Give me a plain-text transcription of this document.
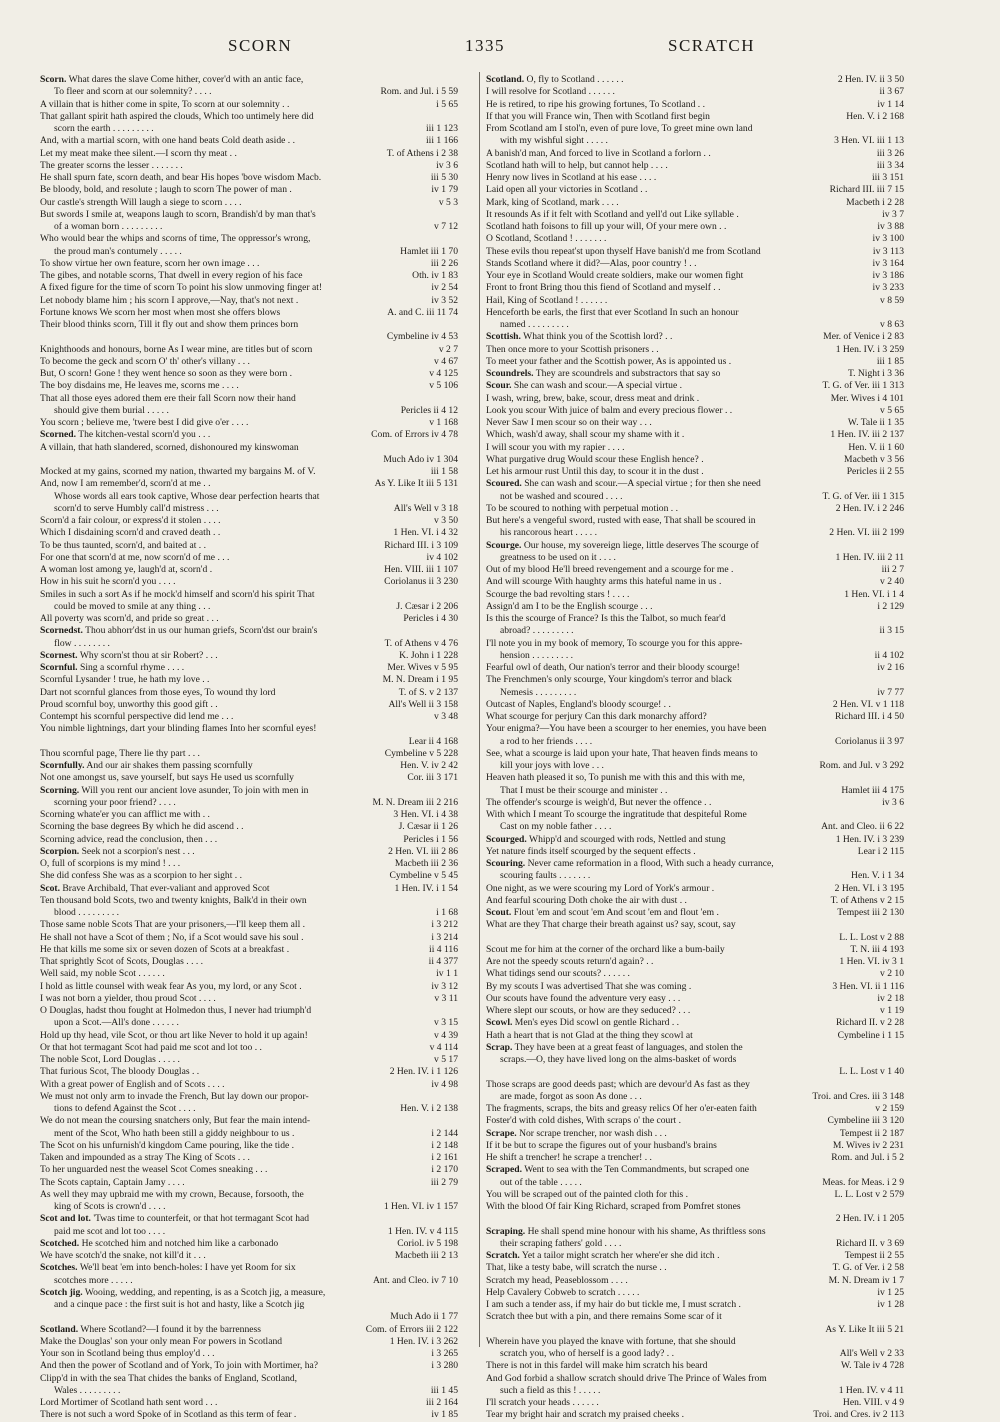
SCORN	1335	SCRATCH
Scorn. What dares the slave Come hither, cover'd with an antic face,
To fleer and scorn at our solemnity? . . . .	Rom. and Jul. i 5 59
A villain that is hither come in spite, To scorn at our solemnity . .	i 5 65
That gallant spirit hath aspired the clouds, Which too untimely here did
scorn the earth . . . . . . . . .	iii 1 123
And, with a martial scorn, with one hand beats Cold death aside . .	iii 1 166
Let my meat make thee silent.—I scorn thy meat . .	T. of Athens i 2 38
The greater scorns the lesser . . . . . . .	iv 3 6
He shall spurn fate, scorn death, and bear His hopes 'bove wisdom Macb.	iii 5 30
Be bloody, bold, and resolute ; laugh to scorn The power of man .	iv 1 79
Our castle's strength Will laugh a siege to scorn . . . .	v 5 3
But swords I smile at, weapons laugh to scorn, Brandish'd by man that's
of a woman born . . . . . . . . .	v 7 12
Who would bear the whips and scorns of time, The oppressor's wrong,
the proud man's contumely . . . . .	Hamlet iii 1 70
To show virtue her own feature, scorn her own image . . .	iii 2 26
The gibes, and notable scorns, That dwell in every region of his face	Oth. iv 1 83
A fixed figure for the time of scorn To point his slow unmoving finger at!	iv 2 54
Let nobody blame him ; his scorn I approve,—Nay, that's not next .	iv 3 52
Fortune knows We scorn her most when most she offers blows	A. and C. iii 11 74
Their blood thinks scorn, Till it fly out and show them princes born
Cymbeline iv 4 53
Knighthoods and honours, borne As I wear mine, are titles but of scorn	v 2 7
To become the geck and scorn O' th' other's villany . . .	v 4 67
But, O scorn! Gone ! they went hence so soon as they were born .	v 4 125
The boy disdains me, He leaves me, scorns me . . . .	v 5 106
That all those eyes adored them ere their fall Scorn now their hand
should give them burial . . . . .	Pericles ii 4 12
You scorn ; believe me, 'twere best I did give o'er . . . .	v 1 168
Scorned. The kitchen-vestal scorn'd you . . .	Com. of Errors iv 4 78
A villain, that hath slandered, scorned, dishonoured my kinswoman
Much Ado iv 1 304
Mocked at my gains, scorned my nation, thwarted my bargains M. of V.	iii 1 58
And, now I am remember'd, scorn'd at me . .	As Y. Like It iii 5 131
Whose words all ears took captive, Whose dear perfection hearts that
scorn'd to serve Humbly call'd mistress . . .	All's Well v 3 18
Scorn'd a fair colour, or express'd it stolen . . . .	v 3 50
Which I disdaining scorn'd and craved death . .	1 Hen. VI. i 4 32
To be thus taunted, scorn'd, and baited at . .	Richard III. i 3 109
For one that scorn'd at me, now scorn'd of me . . .	iv 4 102
A woman lost among ye, laugh'd at, scorn'd .	Hen. VIII. iii 1 107
How in his suit he scorn'd you . . . .	Coriolanus ii 3 230
Smiles in such a sort As if he mock'd himself and scorn'd his spirit That
could be moved to smile at any thing . . .	J. Cæsar i 2 206
All poverty was scorn'd, and pride so great . . .	Pericles i 4 30
Scornedst. Thou abhorr'dst in us our human griefs, Scorn'dst our brain's
flow . . . . . . . .	T. of Athens v 4 76
Scornest. Why scorn'st thou at sir Robert? . . .	K. John i 1 228
Scornful. Sing a scornful rhyme . . . .	Mer. Wives v 5 95
Scornful Lysander ! true, he hath my love . .	M. N. Dream i 1 95
Dart not scornful glances from those eyes, To wound thy lord	T. of S. v 2 137
Proud scornful boy, unworthy this good gift . .	All's Well ii 3 158
Contempt his scornful perspective did lend me . . .	v 3 48
You nimble lightnings, dart your blinding flames Into her scornful eyes!
Lear ii 4 168
Thou scornful page, There lie thy part . . .	Cymbeline v 5 228
Scornfully. And our air shakes them passing scornfully	Hen. V. iv 2 42
Not one amongst us, save yourself, but says He used us scornfully	Cor. iii 3 171
Scorning. Will you rent our ancient love asunder, To join with men in
scorning your poor friend? . . . .	M. N. Dream iii 2 216
Scorning whate'er you can afflict me with . .	3 Hen. VI. i 4 38
Scorning the base degrees By which he did ascend . .	J. Cæsar ii 1 26
Scorning advice, read the conclusion, then . . .	Pericles i 1 56
Scorpion. Seek not a scorpion's nest . . .	2 Hen. VI. iii 2 86
O, full of scorpions is my mind ! . . .	Macbeth iii 2 36
She did confess She was as a scorpion to her sight . .	Cymbeline v 5 45
Scot. Brave Archibald, That ever-valiant and approved Scot	1 Hen. IV. i 1 54
Ten thousand bold Scots, two and twenty knights, Balk'd in their own
blood . . . . . . . . .	i 1 68
Those same noble Scots That are your prisoners,—I'll keep them all .	i 3 212
He shall not have a Scot of them ; No, if a Scot would save his soul .	i 3 214
He that kills me some six or seven dozen of Scots at a breakfast .	ii 4 116
That sprightly Scot of Scots, Douglas . . . .	ii 4 377
Well said, my noble Scot . . . . . .	iv 1 1
I hold as little counsel with weak fear As you, my lord, or any Scot .	iv 3 12
I was not born a yielder, thou proud Scot . . . .	v 3 11
O Douglas, hadst thou fought at Holmedon thus, I never had triumph'd
upon a Scot.—All's done . . . . . .	v 3 15
Hold up thy head, vile Scot, or thou art like Never to hold it up again!	v 4 39
Or that hot termagant Scot had paid me scot and lot too . .	v 4 114
The noble Scot, Lord Douglas . . . . .	v 5 17
That furious Scot, The bloody Douglas . .	2 Hen. IV. i 1 126
With a great power of English and of Scots . . . .	iv 4 98
We must not only arm to invade the French, But lay down our propor-
tions to defend Against the Scot . . . .	Hen. V. i 2 138
We do not mean the coursing snatchers only, But fear the main intend-
ment of the Scot, Who hath been still a giddy neighbour to us .	i 2 144
The Scot on his unfurnish'd kingdom Came pouring, like the tide .	i 2 148
Taken and impounded as a stray The King of Scots . . .	i 2 161
To her unguarded nest the weasel Scot Comes sneaking . . .	i 2 170
The Scots captain, Captain Jamy . . . .	iii 2 79
As well they may upbraid me with my crown, Because, forsooth, the
king of Scots is crown'd . . . .	1 Hen. VI. iv 1 157
Scot and lot. 'Twas time to counterfeit, or that hot termagant Scot had
paid me scot and lot too . . . .	1 Hen. IV. v 4 115
Scotched. He scotched him and notched him like a carbonado	Coriol. iv 5 198
We have scotch'd the snake, not kill'd it . . .	Macbeth iii 2 13
Scotches. We'll beat 'em into bench-holes: I have yet Room for six
scotches more . . . . .	Ant. and Cleo. iv 7 10
Scotch jig. Wooing, wedding, and repenting, is as a Scotch jig, a measure,
and a cinque pace : the first suit is hot and hasty, like a Scotch jig
Much Ado ii 1 77
Scotland. Where Scotland?—I found it by the barrenness	Com. of Errors iii 2 122
Make the Douglas' son your only mean For powers in Scotland	1 Hen. IV. i 3 262
Your son in Scotland being thus employ'd . . .	i 3 265
And then the power of Scotland and of York, To join with Mortimer, ha?	i 3 280
Clipp'd in with the sea That chides the banks of England, Scotland,
Wales . . . . . . . . .	iii 1 45
Lord Mortimer of Scotland hath sent word . . .	iii 2 164
There is not such a word Spoke of in Scotland as this term of fear .	iv 1 85
Scotland. O, fly to Scotland . . . . . .	2 Hen. IV. ii 3 50
I will resolve for Scotland . . . . . .	ii 3 67
He is retired, to ripe his growing fortunes, To Scotland . .	iv 1 14
If that you will France win, Then with Scotland first begin	Hen. V. i 2 168
From Scotland am I stol'n, even of pure love, To greet mine own land
with my wishful sight . . . . .	3 Hen. VI. iii 1 13
A banish'd man, And forced to live in Scotland a forlorn . .	iii 3 26
Scotland hath will to help, but cannot help . . . .	iii 3 34
Henry now lives in Scotland at his ease . . . .	iii 3 151
Laid open all your victories in Scotland . .	Richard III. iii 7 15
Mark, king of Scotland, mark . . . .	Macbeth i 2 28
It resounds As if it felt with Scotland and yell'd out Like syllable .	iv 3 7
Scotland hath foisons to fill up your will, Of your mere own . .	iv 3 88
O Scotland, Scotland ! . . . . . . .	iv 3 100
These evils thou repeat'st upon thyself Have banish'd me from Scotland	iv 3 113
Stands Scotland where it did?—Alas, poor country ! . .	iv 3 164
Your eye in Scotland Would create soldiers, make our women fight	iv 3 186
Front to front Bring thou this fiend of Scotland and myself . .	iv 3 233
Hail, King of Scotland ! . . . . . .	v 8 59
Henceforth be earls, the first that ever Scotland In such an honour
named . . . . . . . . .	v 8 63
Scottish. What think you of the Scottish lord? . .	Mer. of Venice i 2 83
Then once more to your Scottish prisoners . .	1 Hen. IV. i 3 259
To meet your father and the Scottish power, As is appointed us .	iii 1 85
Scoundrels. They are scoundrels and substractors that say so	T. Night i 3 36
Scour. She can wash and scour.—A special virtue .	T. G. of Ver. iii 1 313
I wash, wring, brew, bake, scour, dress meat and drink .	Mer. Wives i 4 101
Look you scour With juice of balm and every precious flower . .	v 5 65
Never Saw I men scour so on their way . . .	W. Tale ii 1 35
Which, wash'd away, shall scour my shame with it .	1 Hen. IV. iii 2 137
I will scour you with my rapier . . . .	Hen. V. ii 1 60
What purgative drug Would scour these English hence? .	Macbeth v 3 56
Let his armour rust Until this day, to scour it in the dust .	Pericles ii 2 55
Scoured. She can wash and scour.—A special virtue ; for then she need
not be washed and scoured . . . .	T. G. of Ver. iii 1 315
To be scoured to nothing with perpetual motion . .	2 Hen. IV. i 2 246
But here's a vengeful sword, rusted with ease, That shall be scoured in
his rancorous heart . . . . .	2 Hen. VI. iii 2 199
Scourge. Our house, my sovereign liege, little deserves The scourge of
greatness to be used on it . . . .	1 Hen. IV. iii 2 11
Out of my blood He'll breed revengement and a scourge for me .	iii 2 7
And will scourge With haughty arms this hateful name in us .	v 2 40
Scourge the bad revolting stars ! . . . .	1 Hen. VI. i 1 4
Assign'd am I to be the English scourge . . .	i 2 129
Is this the scourge of France? Is this the Talbot, so much fear'd
abroad? . . . . . . . . .	ii 3 15
I'll note you in my book of memory, To scourge you for this appre-
hension . . . . . . . . .	ii 4 102
Fearful owl of death, Our nation's terror and their bloody scourge!	iv 2 16
The Frenchmen's only scourge, Your kingdom's terror and black
Nemesis . . . . . . . . .	iv 7 77
Outcast of Naples, England's bloody scourge! . .	2 Hen. VI. v 1 118
What scourge for perjury Can this dark monarchy afford?	Richard III. i 4 50
Your enigma?—You have been a scourger to her enemies, you have been
a rod to her friends . . . .	Coriolanus ii 3 97
See, what a scourge is laid upon your hate, That heaven finds means to
kill your joys with love . . .	Rom. and Jul. v 3 292
Heaven hath pleased it so, To punish me with this and this with me,
That I must be their scourge and minister . .	Hamlet iii 4 175
The offender's scourge is weigh'd, But never the offence . .	iv 3 6
With which I meant To scourge the ingratitude that despiteful Rome
Cast on my noble father . . . .	Ant. and Cleo. ii 6 22
Scourged. Whipp'd and scourged with rods, Nettled and stung	1 Hen. IV. i 3 239
Yet nature finds itself scourged by the sequent effects .	Lear i 2 115
Scouring. Never came reformation in a flood, With such a heady currance,
scouring faults . . . . . . .	Hen. V. i 1 34
One night, as we were scouring my Lord of York's armour .	2 Hen. VI. i 3 195
And fearful scouring Doth choke the air with dust . .	T. of Athens v 2 15
Scout. Flout 'em and scout 'em And scout 'em and flout 'em .	Tempest iii 2 130
What are they That charge their breath against us? say, scout, say
L. L. Lost v 2 88
Scout me for him at the corner of the orchard like a bum-baily	T. N. iii 4 193
Are not the speedy scouts return'd again? . .	1 Hen. VI. iv 3 1
What tidings send our scouts? . . . . . .	v 2 10
By my scouts I was advertised That she was coming .	3 Hen. VI. ii 1 116
Our scouts have found the adventure very easy . . .	iv 2 18
Where slept our scouts, or how are they seduced? . . .	v 1 19
Scowl. Men's eyes Did scowl on gentle Richard . .	Richard II. v 2 28
Hath a heart that is not Glad at the thing they scowl at	Cymbeline i 1 15
Scrap. They have been at a great feast of languages, and stolen the
scraps.—O, they have lived long on the alms-basket of words
L. L. Lost v 1 40
Those scraps are good deeds past; which are devour'd As fast as they
are made, forgot as soon As done . . .	Troi. and Cres. iii 3 148
The fragments, scraps, the bits and greasy relics Of her o'er-eaten faith	v 2 159
Foster'd with cold dishes, With scraps o' the court .	Cymbeline iii 3 120
Scrape. Nor scrape trencher, nor wash dish . . .	Tempest ii 2 187
If it be but to scrape the figures out of your husband's brains	M. Wives iv 2 231
He shift a trencher! he scrape a trencher! . .	Rom. and Jul. i 5 2
Scraped. Went to sea with the Ten Commandments, but scraped one
out of the table . . . . .	Meas. for Meas. i 2 9
You will be scraped out of the painted cloth for this .	L. L. Lost v 2 579
With the blood Of fair King Richard, scraped from Pomfret stones
2 Hen. IV. i 1 205
Scraping. He shall spend mine honour with his shame, As thriftless sons
their scraping fathers' gold . . . .	Richard II. v 3 69
Scratch. Yet a tailor might scratch her where'er she did itch .	Tempest ii 2 55
That, like a testy babe, will scratch the nurse . .	T. G. of Ver. i 2 58
Scratch my head, Peaseblossom . . . .	M. N. Dream iv 1 7
Help Cavalery Cobweb to scratch . . . . .	iv 1 25
I am such a tender ass, if my hair do but tickle me, I must scratch .	iv 1 28
Scratch thee but with a pin, and there remains Some scar of it
As Y. Like It iii 5 21
Wherein have you played the knave with fortune, that she should
scratch you, who of herself is a good lady? . .	All's Well v 2 33
There is not in this fardel will make him scratch his beard	W. Tale iv 4 728
And God forbid a shallow scratch should drive The Prince of Wales from
such a field as this ! . . . . .	1 Hen. IV. v 4 11
I'll scratch your heads . . . . . .	Hen. VIII. v 4 9
Tear my bright hair and scratch my praised cheeks .	Troi. and Cres. iv 2 113
